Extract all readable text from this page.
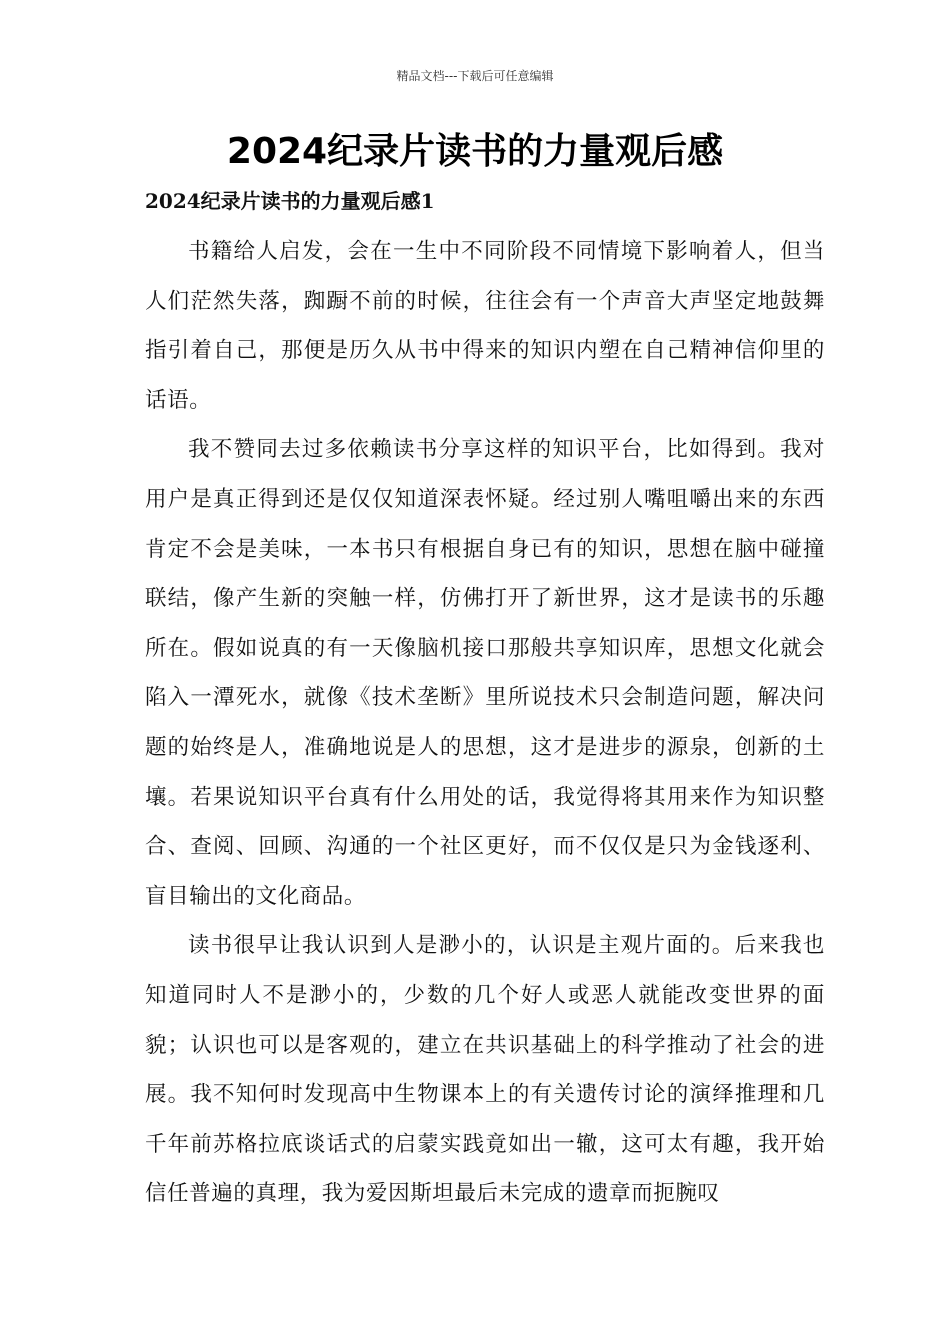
精品文档---下载后可任意编辑
2024纪录片读书的力量观后感
2024纪录片读书的力量观后感1

书籍给人启发，会在一生中不同阶段不同情境下影响着人，但当人们茫然失落，踟蹰不前的时候，往往会有一个声音大声坚定地鼓舞指引着自己，那便是历久从书中得来的知识内塑在自己精神信仰里的话语。

我不赞同去过多依赖读书分享这样的知识平台，比如得到。我对用户是真正得到还是仅仅知道深表怀疑。经过别人嘴咀嚼出来的东西肯定不会是美味，一本书只有根据自身已有的知识，思想在脑中碰撞联结，像产生新的突触一样，仿佛打开了新世界，这才是读书的乐趣所在。假如说真的有一天像脑机接口那般共享知识库，思想文化就会陷入一潭死水，就像《技术垄断》里所说技术只会制造问题，解决问题的始终是人，准确地说是人的思想，这才是进步的源泉，创新的土壤。若果说知识平台真有什么用处的话，我觉得将其用来作为知识整合、查阅、回顾、沟通的一个社区更好，而不仅仅是只为金钱逐利、盲目输出的文化商品。

读书很早让我认识到人是渺小的，认识是主观片面的。后来我也知道同时人不是渺小的，少数的几个好人或恶人就能改变世界的面貌；认识也可以是客观的，建立在共识基础上的科学推动了社会的进展。我不知何时发现高中生物课本上的有关遗传讨论的演绎推理和几千年前苏格拉底谈话式的启蒙实践竟如出一辙，这可太有趣，我开始信任普遍的真理，我为爱因斯坦最后未完成的遗章而扼腕叹
